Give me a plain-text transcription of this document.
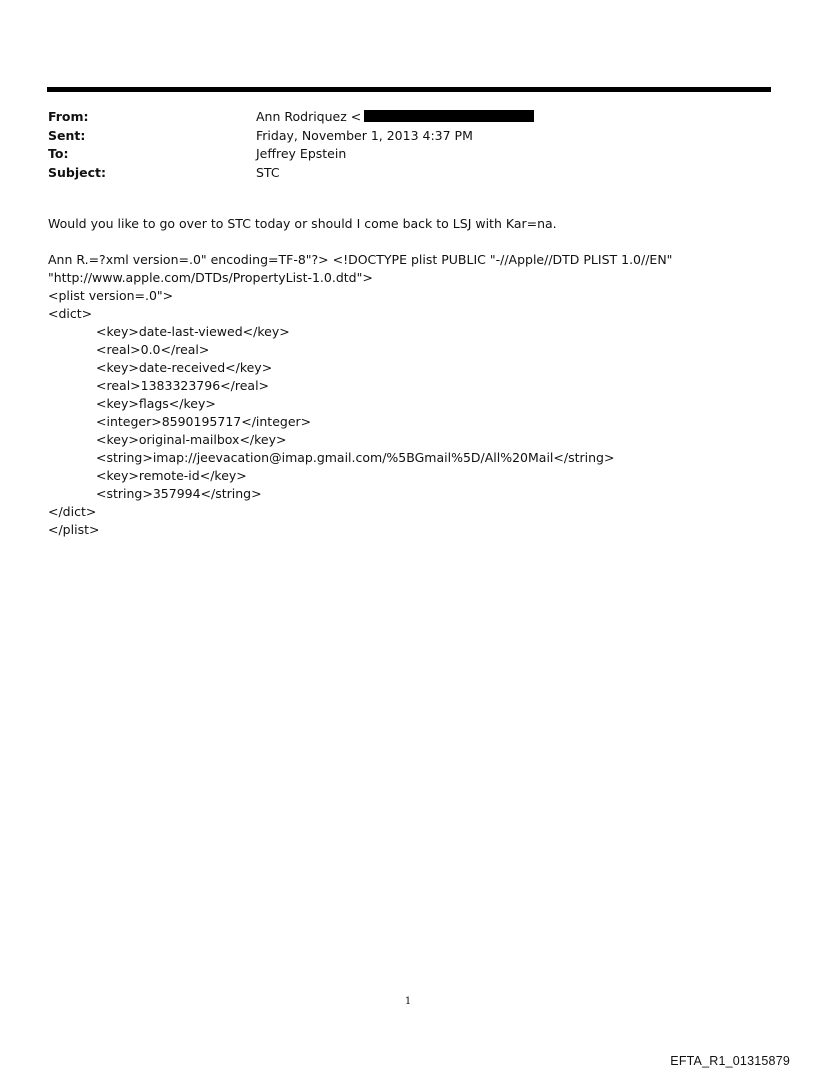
From:	Ann Rodriquez <
Sent:	Friday, November 1, 2013 4:37 PM
To:	Jeffrey Epstein
Subject:	STC

Would you like to go over to STC today or should I come back to LSJ with Kar=na.

Ann R.=?xml version=.0" encoding=TF-8"?> <!DOCTYPE plist PUBLIC "-//Apple//DTD PLIST 1.0//EN"

"http://www.apple.com/DTDs/PropertyList-1.0.dtd">

<plist version=.0">

<dict>

<key>date-last-viewed</key>

<real>0.0</real>

<key>date-received</key>

<real>1383323796</real>

<key>flags</key>

<integer>8590195717</integer>

<key>original-mailbox</key>

<string>imap://jeevacation@imap.gmail.com/%5BGmail%5D/All%20Mail</string>

<key>remote-id</key>

<string>357994</string>

</dict>

</plist>

1
EFTA_R1_01315879
